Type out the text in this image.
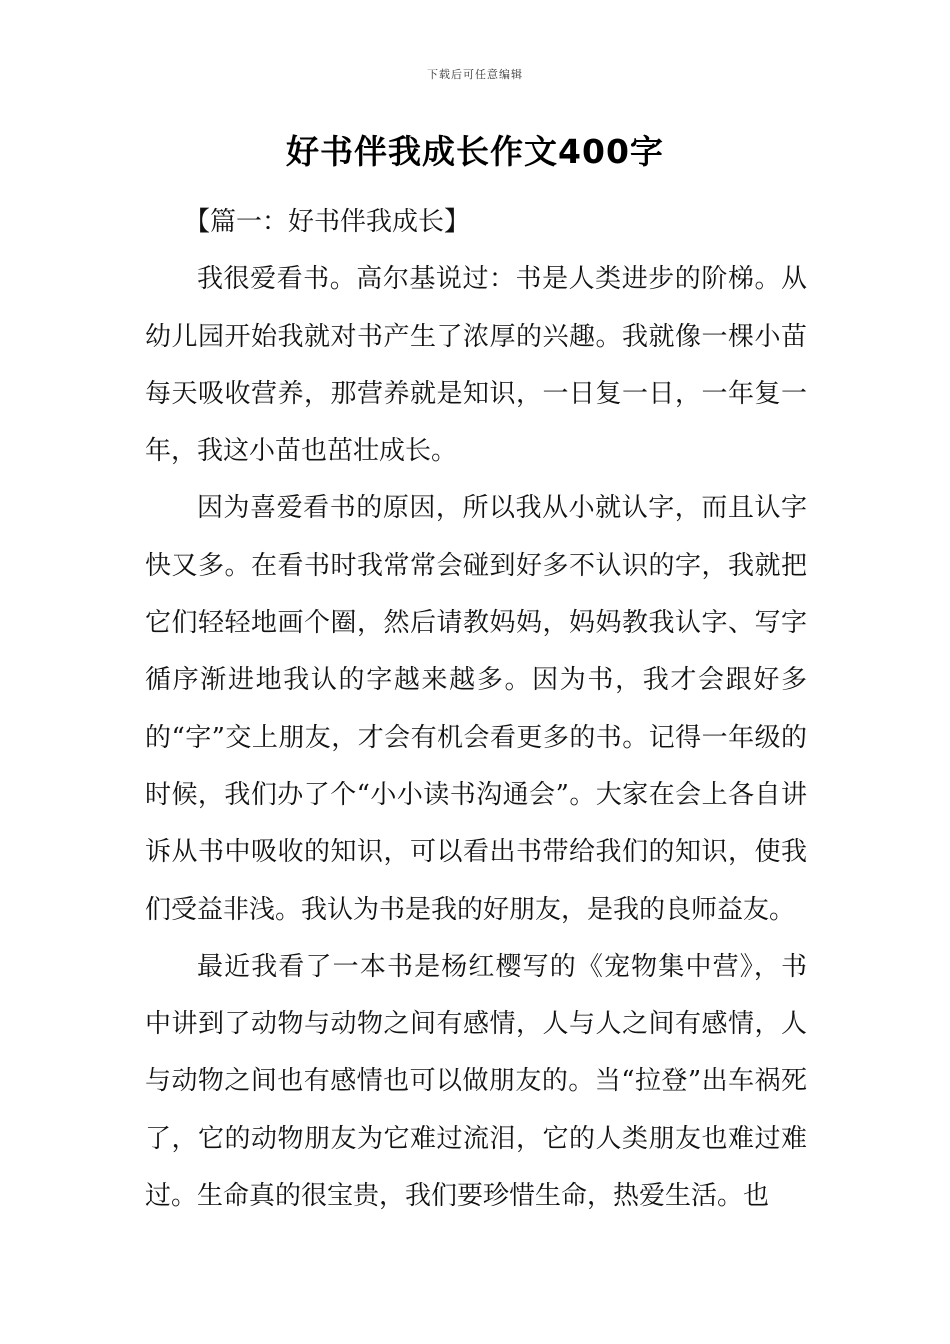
下载后可任意编辑
好书伴我成长作文400字

【篇一：好书伴我成长】

我很爱看书。高尔基说过：书是人类进步的阶梯。从幼儿园开始我就对书产生了浓厚的兴趣。我就像一棵小苗每天吸收营养，那营养就是知识，一日复一日，一年复一年，我这小苗也茁壮成长。

因为喜爱看书的原因，所以我从小就认字，而且认字快又多。在看书时我常常会碰到好多不认识的字，我就把它们轻轻地画个圈，然后请教妈妈，妈妈教我认字、写字循序渐进地我认的字越来越多。因为书，我才会跟好多的“字”交上朋友，才会有机会看更多的书。记得一年级的时候，我们办了个“小小读书沟通会”。大家在会上各自讲诉从书中吸收的知识，可以看出书带给我们的知识，使我们受益非浅。我认为书是我的好朋友，是我的良师益友。

最近我看了一本书是杨红樱写的《宠物集中营》，书中讲到了动物与动物之间有感情，人与人之间有感情，人与动物之间也有感情也可以做朋友的。当“拉登”出车祸死了，它的动物朋友为它难过流泪，它的人类朋友也难过难过。生命真的很宝贵，我们要珍惜生命，热爱生活。也
